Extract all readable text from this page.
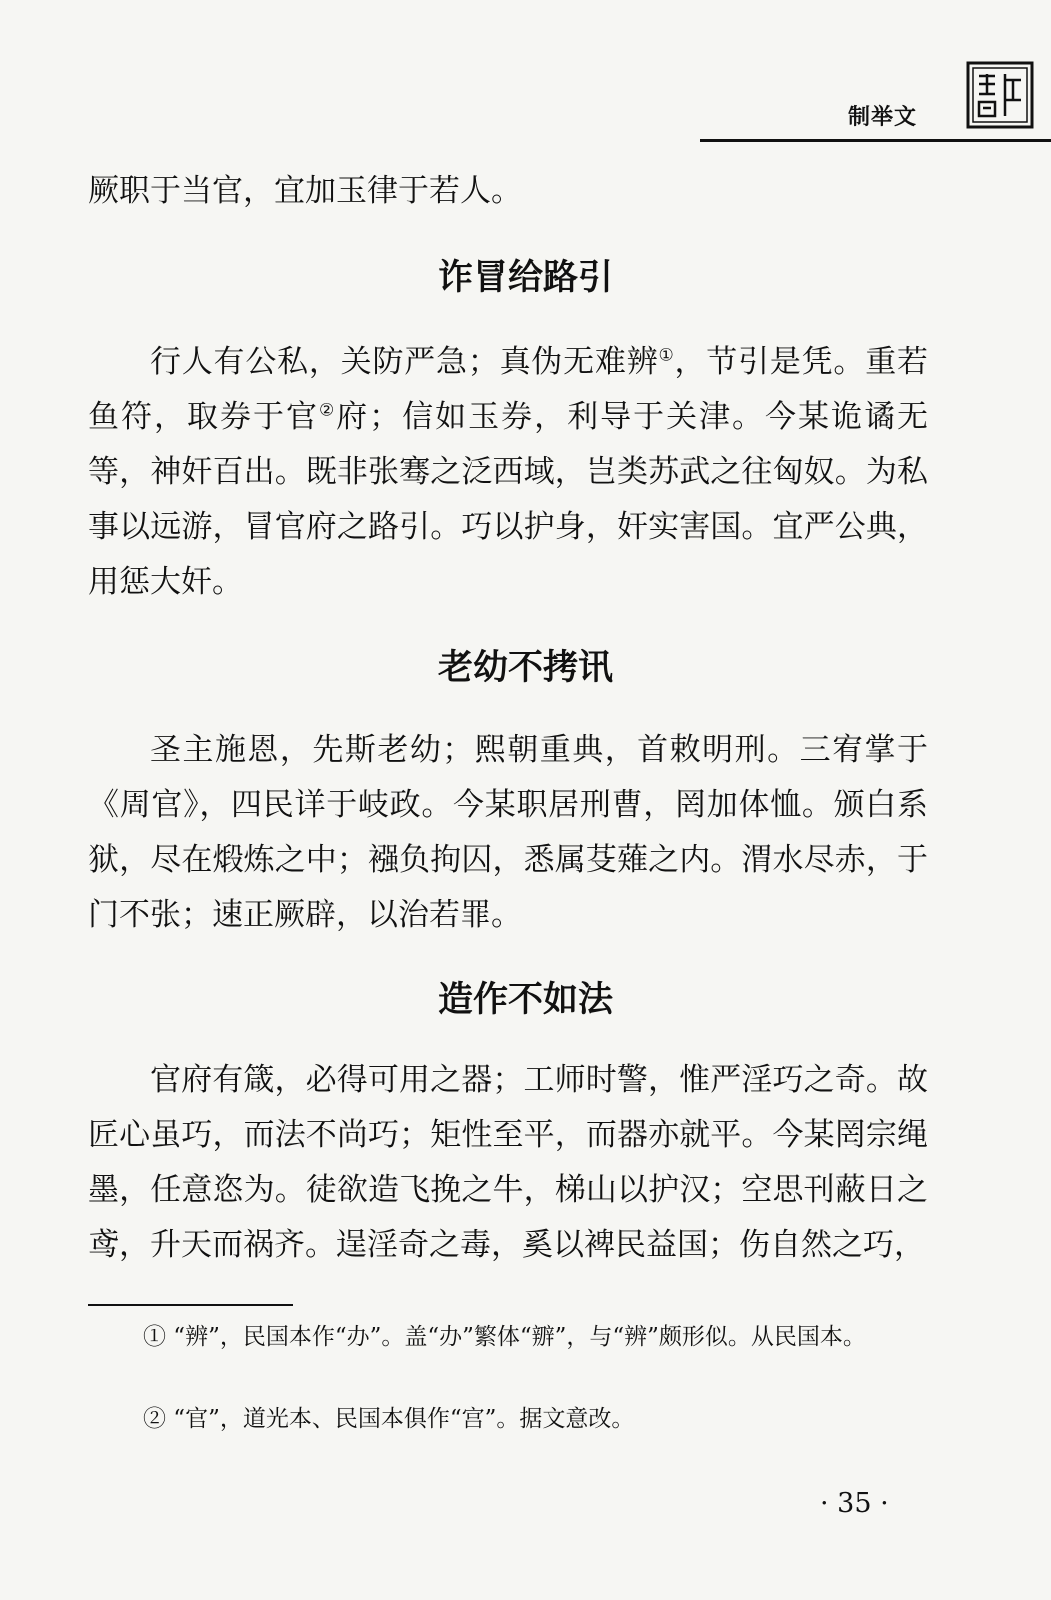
制举文
厥职于当官，宜加玉律于若人。
诈冒给路引
行人有公私，关防严急；真伪无难辨①，节引是凭。重若鱼符，取券于官②府；信如玉券，利导于关津。今某诡谲无等，神奸百出。既非张骞之泛西域，岂类苏武之往匈奴。为私事以远游，冒官府之路引。巧以护身，奸实害国。宜严公典，用惩大奸。
老幼不拷讯
圣主施恩，先斯老幼；熙朝重典，首敕明刑。三宥掌于《周官》，四民详于岐政。今某职居刑曹，罔加体恤。颁白系狱，尽在煅炼之中；襁负拘囚，悉属芟薙之内。渭水尽赤，于门不张；速正厥辟，以治若罪。
造作不如法
官府有箴，必得可用之器；工师时警，惟严淫巧之奇。故匠心虽巧，而法不尚巧；矩性至平，而器亦就平。今某罔宗绳墨，任意恣为。徒欲造飞挽之牛，梯山以护汉；空思刊蔽日之鸢，升天而祸齐。逞淫奇之毒，奚以裨民益国；伤自然之巧，
① “辨”，民国本作“办”。盖“办”繁体“辧”，与“辨”颇形似。从民国本。
② “官”，道光本、民国本俱作“宫”。据文意改。
· 35 ·
